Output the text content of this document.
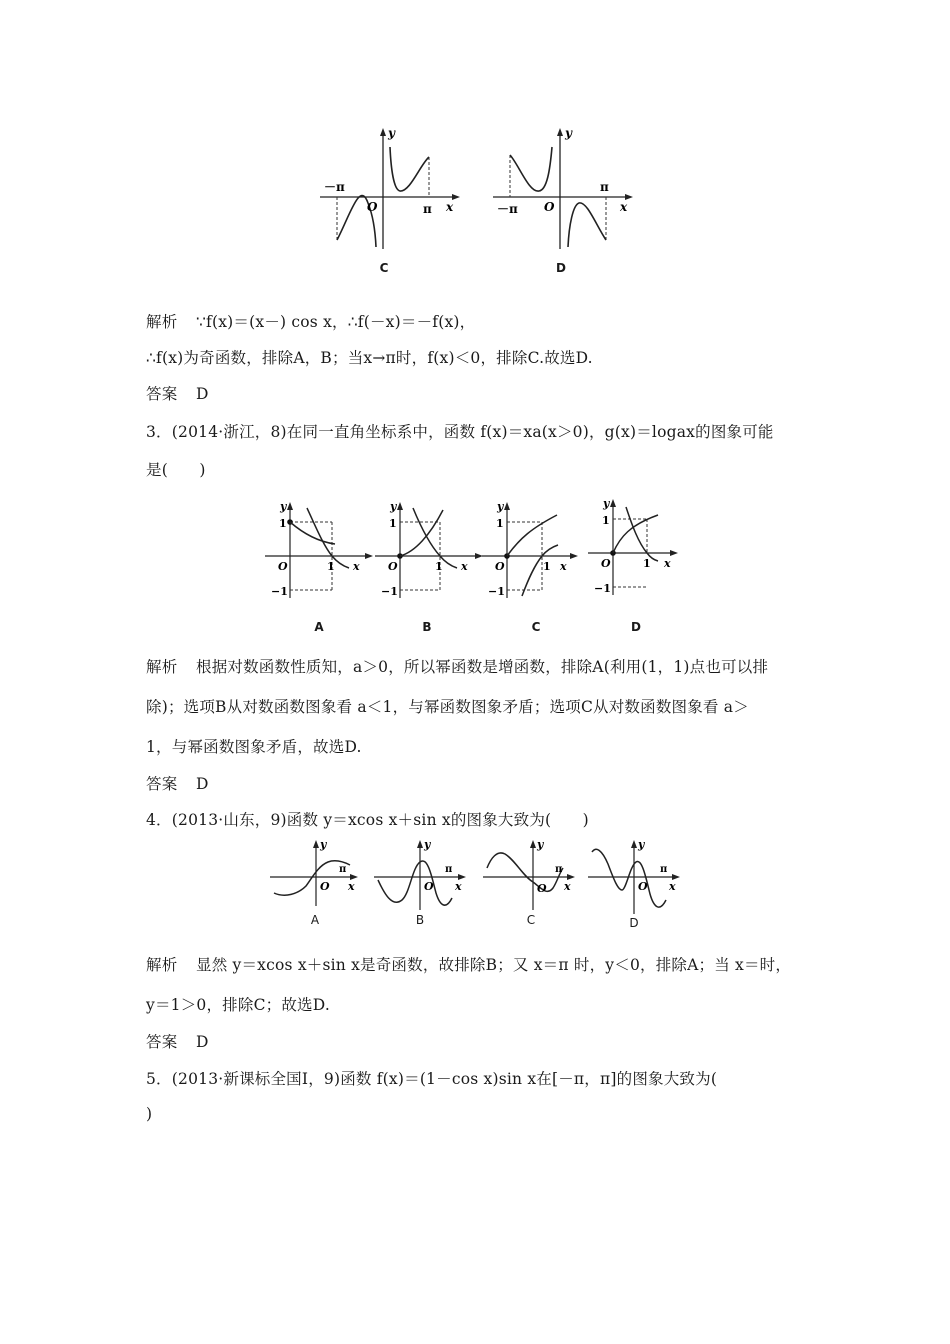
－π
π
O	x
y
C
－π
π
O	x
y
D
解析 ∵f(x)＝(x－) cos x，∴f(－x)＝－f(x)，
∴f(x)为奇函数，排除A，B；当x→π时，f(x)＜0，排除C.故选D.
答案 D
3．(2014·浙江，8)在同一直角坐标系中，函数 f(x)＝xa(x＞0)，g(x)＝logax的图象可能
是(　　)
1
−1
O	1 x
y
A
1
−1
O	1 x
y
B
1
−1
O	1 x
y
C
1
−1
O	1 x
y
D
解析 根据对数函数性质知，a＞0，所以幂函数是增函数，排除A(利用(1，1)点也可以排
除)；选项B从对数函数图象看 a＜1，与幂函数图象矛盾；选项C从对数函数图象看 a＞
1，与幂函数图象矛盾，故选D.
答案 D
4．(2013·山东，9)函数 y＝xcos x＋sin x的图象大致为(　　)
π
O x
y
A
π
O x
y
B
π
O x
y
C
π
O x
y
D
解析 显然 y＝xcos x＋sin x是奇函数，故排除B；又 x＝π 时，y＜0，排除A；当 x＝时，
y＝1＞0，排除C；故选D.
答案 D
5．(2013·新课标全国Ⅰ，9)函数 f(x)＝(1－cos x)sin x在[－π，π]的图象大致为(
)
